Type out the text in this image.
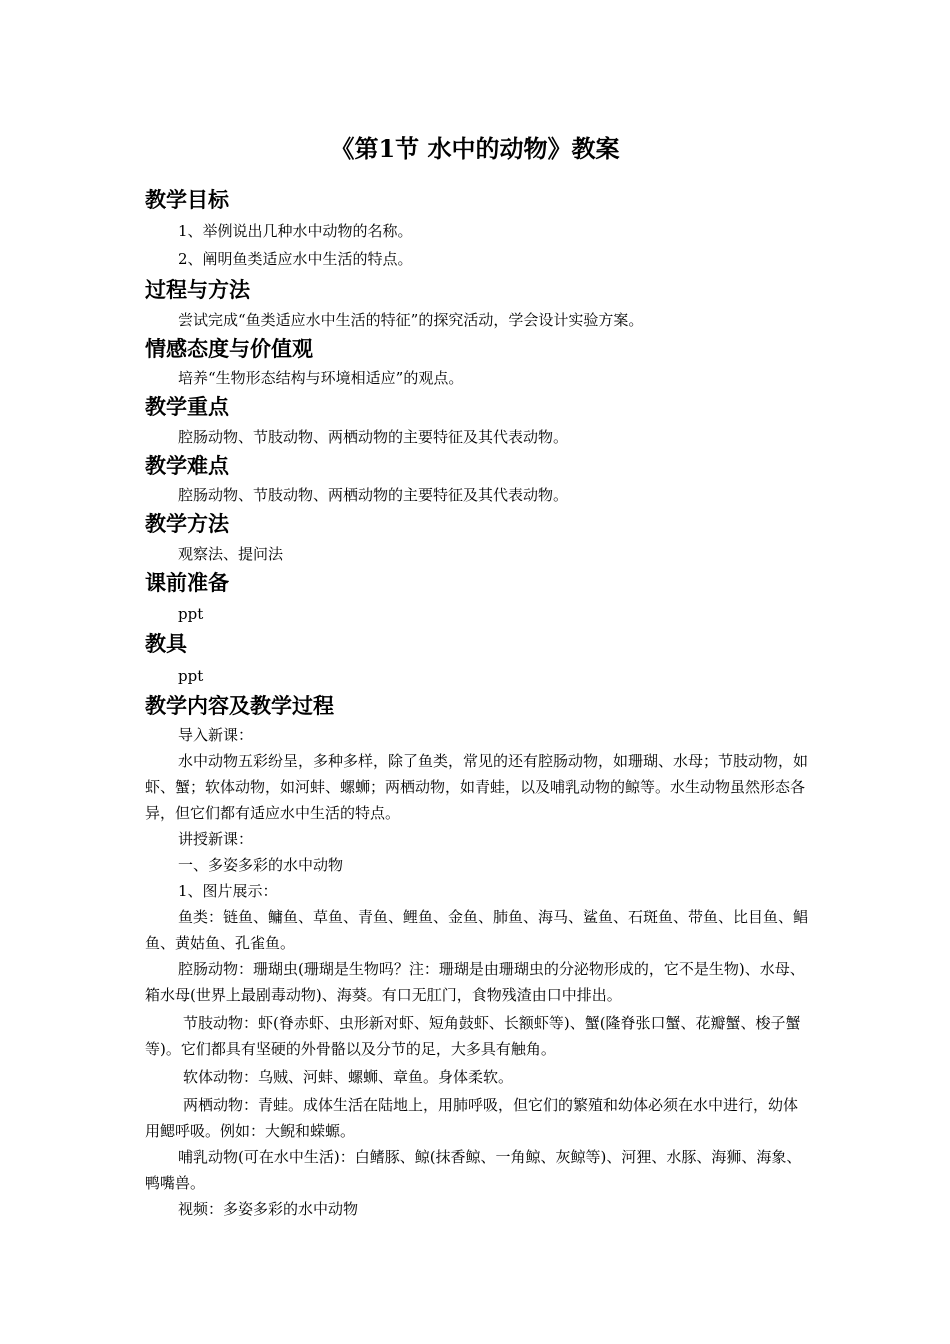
《第1节 水中的动物》教案
教学目标
1、举例说出几种水中动物的名称。
2、阐明鱼类适应水中生活的特点。
过程与方法
尝试完成“鱼类适应水中生活的特征”的探究活动，学会设计实验方案。
情感态度与价值观
培养“生物形态结构与环境相适应”的观点。
教学重点
腔肠动物、节肢动物、两栖动物的主要特征及其代表动物。
教学难点
腔肠动物、节肢动物、两栖动物的主要特征及其代表动物。
教学方法
观察法、提问法
课前准备
ppt
教具
ppt
教学内容及教学过程
导入新课：
水中动物五彩纷呈，多种多样，除了鱼类，常见的还有腔肠动物，如珊瑚、水母；节肢动物，如虾、蟹；软体动物，如河蚌、螺蛳；两栖动物，如青蛙，以及哺乳动物的鲸等。水生动物虽然形态各异，但它们都有适应水中生活的特点。
讲授新课：
一、多姿多彩的水中动物
1、图片展示：
鱼类：链鱼、鳙鱼、草鱼、青鱼、鲤鱼、金鱼、肺鱼、海马、鲨鱼、石斑鱼、带鱼、比目鱼、鲳鱼、黄姑鱼、孔雀鱼。
腔肠动物：珊瑚虫(珊瑚是生物吗？注：珊瑚是由珊瑚虫的分泌物形成的，它不是生物)、水母、箱水母(世界上最剧毒动物)、海葵。有口无肛门，食物残渣由口中排出。
节肢动物：虾(脊赤虾、虫形新对虾、短角鼓虾、长额虾等)、蟹(隆脊张口蟹、花瓣蟹、梭子蟹等)。它们都具有坚硬的外骨骼以及分节的足，大多具有触角。
软体动物：乌贼、河蚌、螺蛳、章鱼。身体柔软。
两栖动物：青蛙。成体生活在陆地上，用肺呼吸，但它们的繁殖和幼体必须在水中进行，幼体用鳃呼吸。例如：大鲵和蝾螈。
哺乳动物(可在水中生活)：白鳍豚、鲸(抹香鲸、一角鲸、灰鲸等)、河狸、水豚、海狮、海象、鸭嘴兽。
视频：多姿多彩的水中动物
